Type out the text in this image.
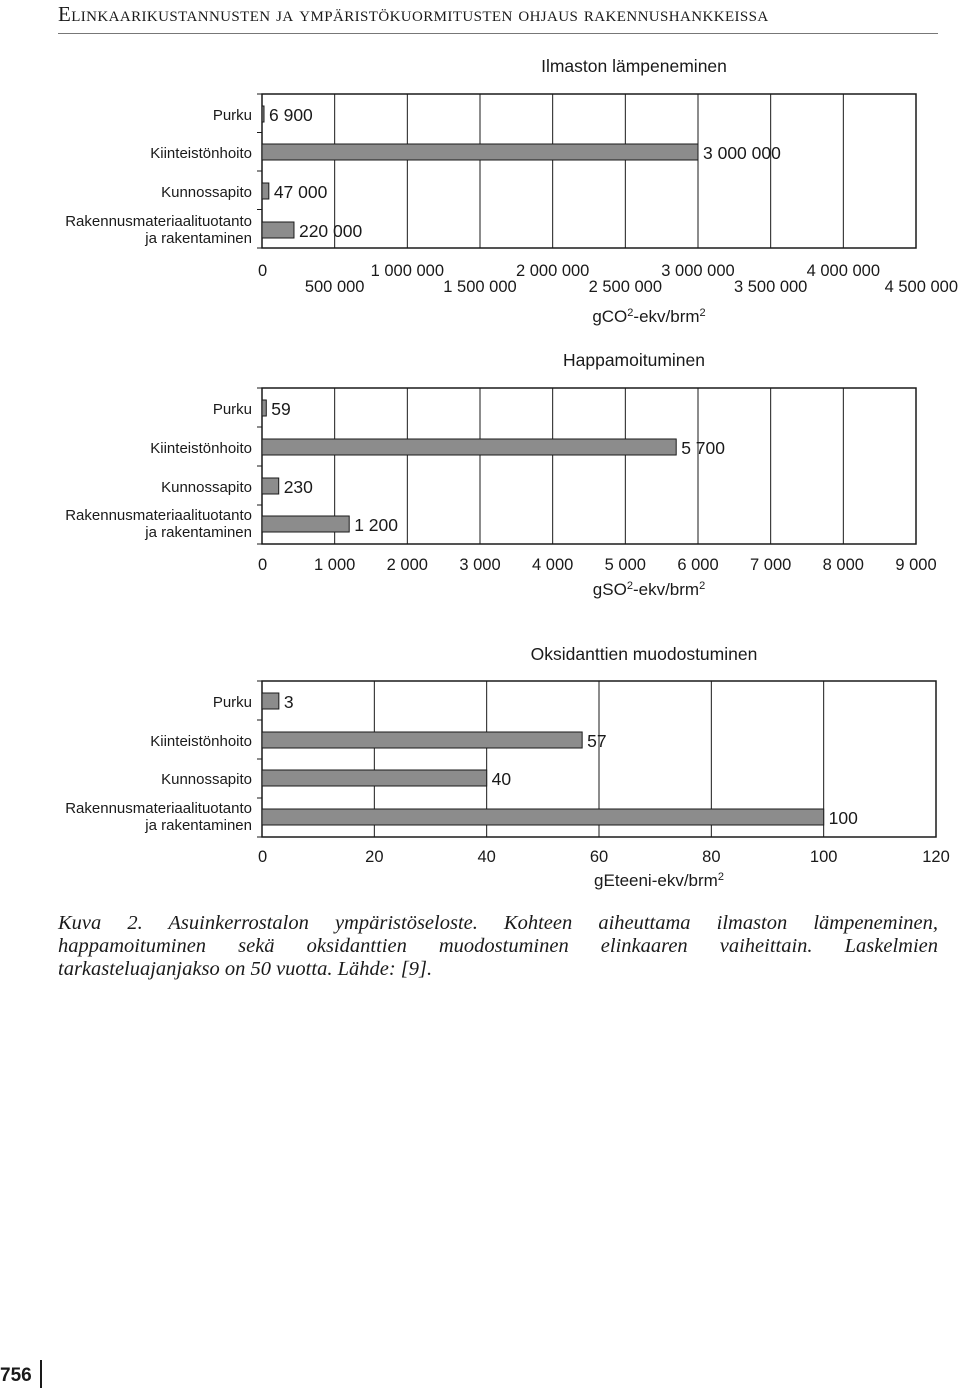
Elinkaarikustannusten ja ympäristökuormitusten ohjaus rakennushankkeissa
Ilmaston lämpeneminen
0
500 000
1 000 000
1 500 000
2 000 000
2 500 000
3 000 000
3 500 000
4 000 000
4 500 000
Purku 6 900
Kiinteistönhoito	3 000 000
Kunnossapito 47 000
Rakennusmateriaalituotanto
ja rakentaminen	220 000
gCO$^2$-ekv/brm$^2$
Happamoituminen
0	1 000 2 000 3 000 4 000 5 000 6 000 7 000 8 000 9 000
Purku 59
Kiinteistönhoito	5 700
Kunnossapito 230
Rakennusmateriaalituotanto
ja rakentaminen	1 200
gSO$^2$-ekv/brm$^2$
Oksidanttien muodostuminen
0	20	40	60	80	100	120
Purku 3
Kiinteistönhoito	57
Kunnossapito	40
Rakennusmateriaalituotanto
ja rakentaminen	100
gEteeni-ekv/brm$^2$
Kuva 2. Asuinkerrostalon ympäristöseloste. Kohteen aiheuttama ilmaston lämpeneminen, happamoituminen sekä oksidanttien muodostuminen elinkaaren vaiheittain. Laskelmien tarkasteluajanjakso on 50 vuotta. Lähde: [9].
756
